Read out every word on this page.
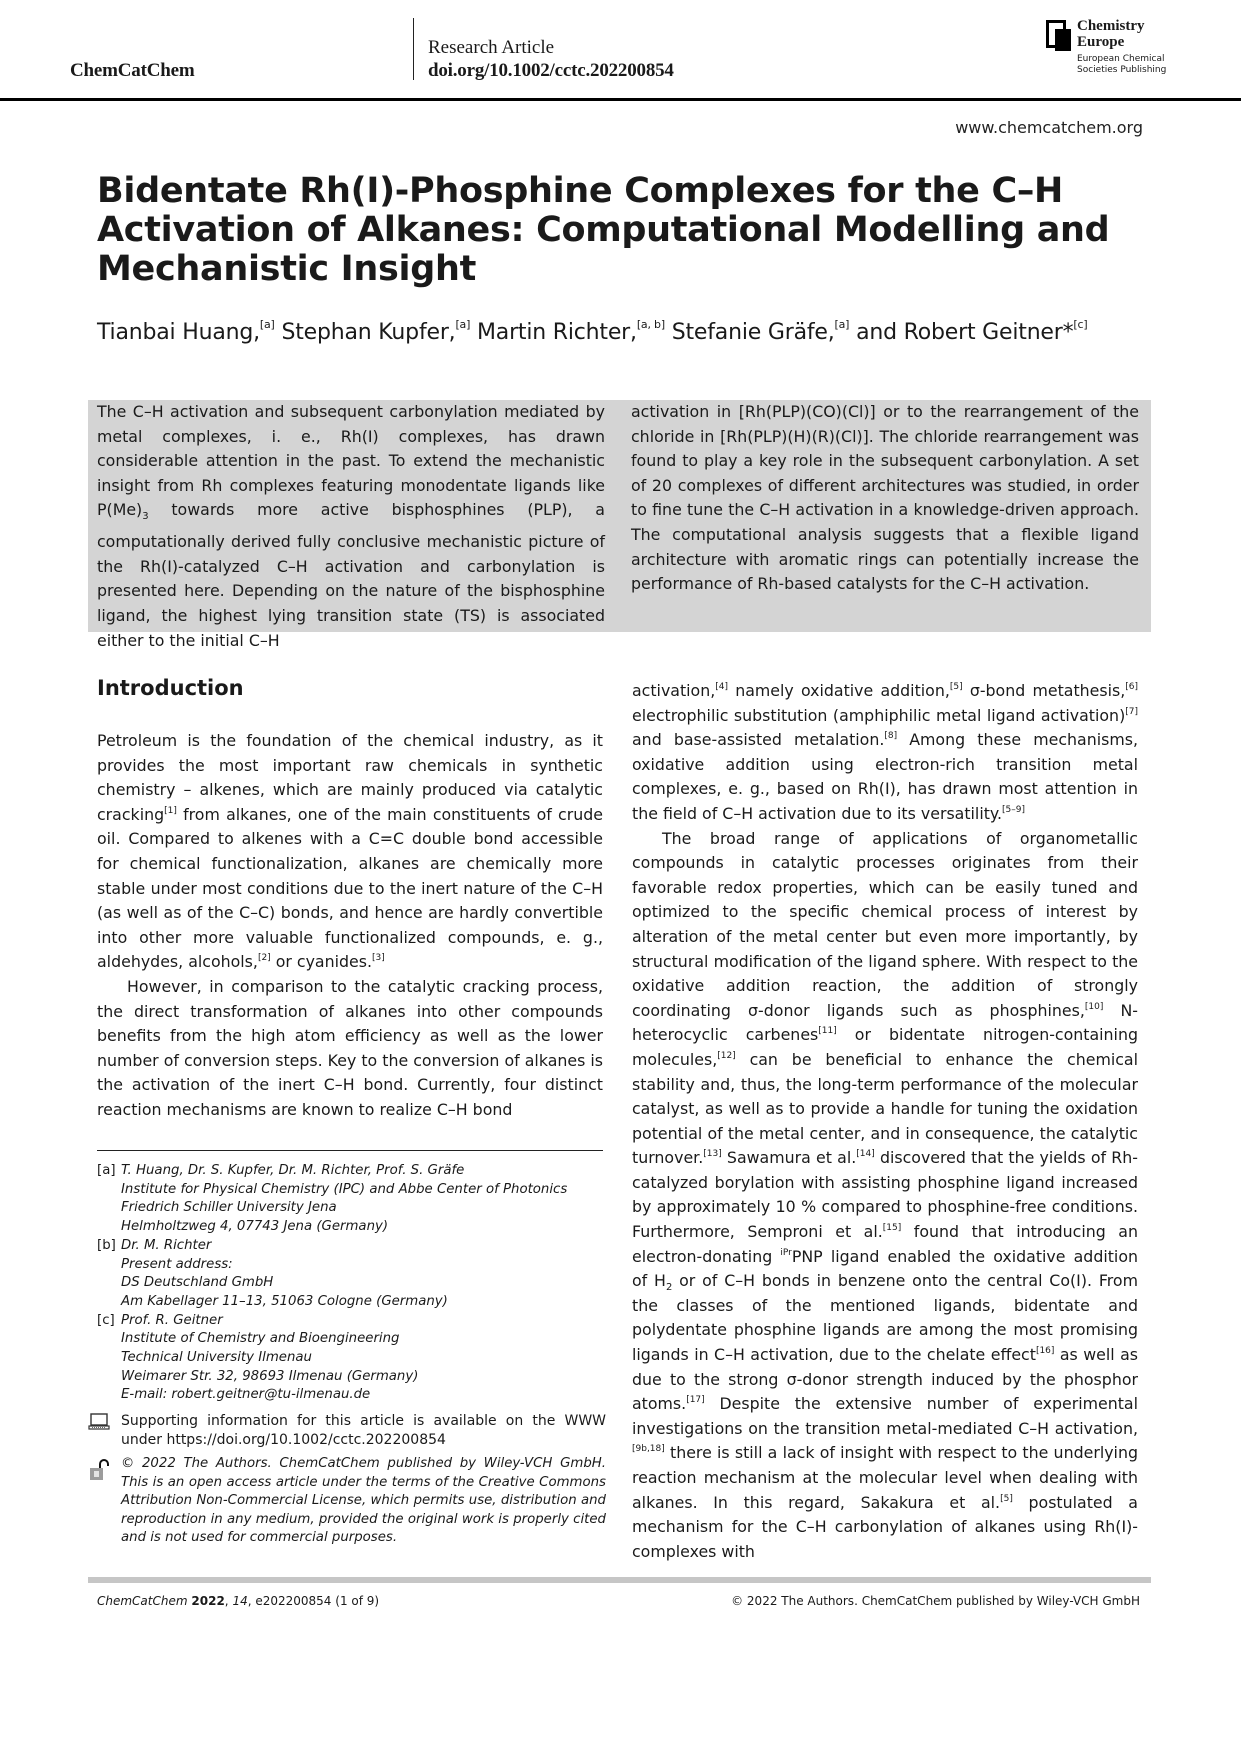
ChemCatChem
Research Article
doi.org/10.1002/cctc.202200854
Chemistry
Europe
European Chemical
Societies Publishing
www.chemcatchem.org
Bidentate Rh(I)-Phosphine Complexes for the C–H Activation of Alkanes: Computational Modelling and Mechanistic Insight
Tianbai Huang,[a] Stephan Kupfer,[a] Martin Richter,[a, b] Stefanie Gräfe,[a] and Robert Geitner*[c]
The C–H activation and subsequent carbonylation mediated by metal complexes, i. e., Rh(I) complexes, has drawn considerable attention in the past. To extend the mechanistic insight from Rh complexes featuring monodentate ligands like $P(Me)_3$ towards more active bisphosphines (PLP), a computationally derived fully conclusive mechanistic picture of the Rh(I)-catalyzed C–H activation and carbonylation is presented here. Depending on the nature of the bisphosphine ligand, the highest lying transition state (TS) is associated either to the initial C–H
activation in [Rh(PLP)(CO)(Cl)] or to the rearrangement of the chloride in [Rh(PLP)(H)(R)(Cl)]. The chloride rearrangement was found to play a key role in the subsequent carbonylation. A set of 20 complexes of different architectures was studied, in order to fine tune the C–H activation in a knowledge-driven approach. The computational analysis suggests that a flexible ligand architecture with aromatic rings can potentially increase the performance of Rh-based catalysts for the C–H activation.
Introduction

Petroleum is the foundation of the chemical industry, as it provides the most important raw chemicals in synthetic chemistry – alkenes, which are mainly produced via catalytic cracking[1] from alkanes, one of the main constituents of crude oil. Compared to alkenes with a C=C double bond accessible for chemical functionalization, alkanes are chemically more stable under most conditions due to the inert nature of the C–H (as well as of the C–C) bonds, and hence are hardly convertible into other more valuable functionalized compounds, e. g., aldehydes, alcohols,[2] or cyanides.[3]

However, in comparison to the catalytic cracking process, the direct transformation of alkanes into other compounds benefits from the high atom efficiency as well as the lower number of conversion steps. Key to the conversion of alkanes is the activation of the inert C–H bond. Currently, four distinct reaction mechanisms are known to realize C–H bond

activation,[4] namely oxidative addition,[5] σ-bond metathesis,[6] electrophilic substitution (amphiphilic metal ligand activation)[7] and base-assisted metalation.[8] Among these mechanisms, oxidative addition using electron-rich transition metal complexes, e. g., based on Rh(I), has drawn most attention in the field of C–H activation due to its versatility.[5–9]

The broad range of applications of organometallic compounds in catalytic processes originates from their favorable redox properties, which can be easily tuned and optimized to the specific chemical process of interest by alteration of the metal center but even more importantly, by structural modification of the ligand sphere. With respect to the oxidative addition reaction, the addition of strongly coordinating σ-donor ligands such as phosphines,[10] N-heterocyclic carbenes[11] or bidentate nitrogen-containing molecules,[12] can be beneficial to enhance the chemical stability and, thus, the long-term performance of the molecular catalyst, as well as to provide a handle for tuning the oxidation potential of the metal center, and in consequence, the catalytic turnover.[13] Sawamura et al.[14] discovered that the yields of Rh-catalyzed borylation with assisting phosphine ligand increased by approximately 10 % compared to phosphine-free conditions. Furthermore, Semproni et al.[15] found that introducing an electron-donating $^{iPr}$PNP ligand enabled the oxidative addition of $H_2$ or of C–H bonds in benzene onto the central Co(I). From the classes of the mentioned ligands, bidentate and polydentate phosphine ligands are among the most promising ligands in C–H activation, due to the chelate effect[16] as well as due to the strong σ-donor strength induced by the phosphor atoms.[17] Despite the extensive number of experimental investigations on the transition metal-mediated C–H activation,[9b,18] there is still a lack of insight with respect to the underlying reaction mechanism at the molecular level when dealing with alkanes. In this regard, Sakakura et al.[5] postulated a mechanism for the C–H carbonylation of alkanes using Rh(I)-complexes with

[a] T. Huang, Dr. S. Kupfer, Dr. M. Richter, Prof. S. Gräfe
Institute for Physical Chemistry (IPC) and Abbe Center of Photonics
Friedrich Schiller University Jena
Helmholtzweg 4, 07743 Jena (Germany)
[b] Dr. M. Richter
Present address:
DS Deutschland GmbH
Am Kabellager 11–13, 51063 Cologne (Germany)
[c] Prof. R. Geitner
Institute of Chemistry and Bioengineering
Technical University Ilmenau
Weimarer Str. 32, 98693 Ilmenau (Germany)
E-mail: robert.geitner@tu-ilmenau.de
Supporting information for this article is available on the WWW under https://doi.org/10.1002/cctc.202200854
© 2022 The Authors. ChemCatChem published by Wiley-VCH GmbH. This is an open access article under the terms of the Creative Commons Attribution Non-Commercial License, which permits use, distribution and reproduction in any medium, provided the original work is properly cited and is not used for commercial purposes.
ChemCatChem 2022, 14, e202200854 (1 of 9)	© 2022 The Authors. ChemCatChem published by Wiley-VCH GmbH
